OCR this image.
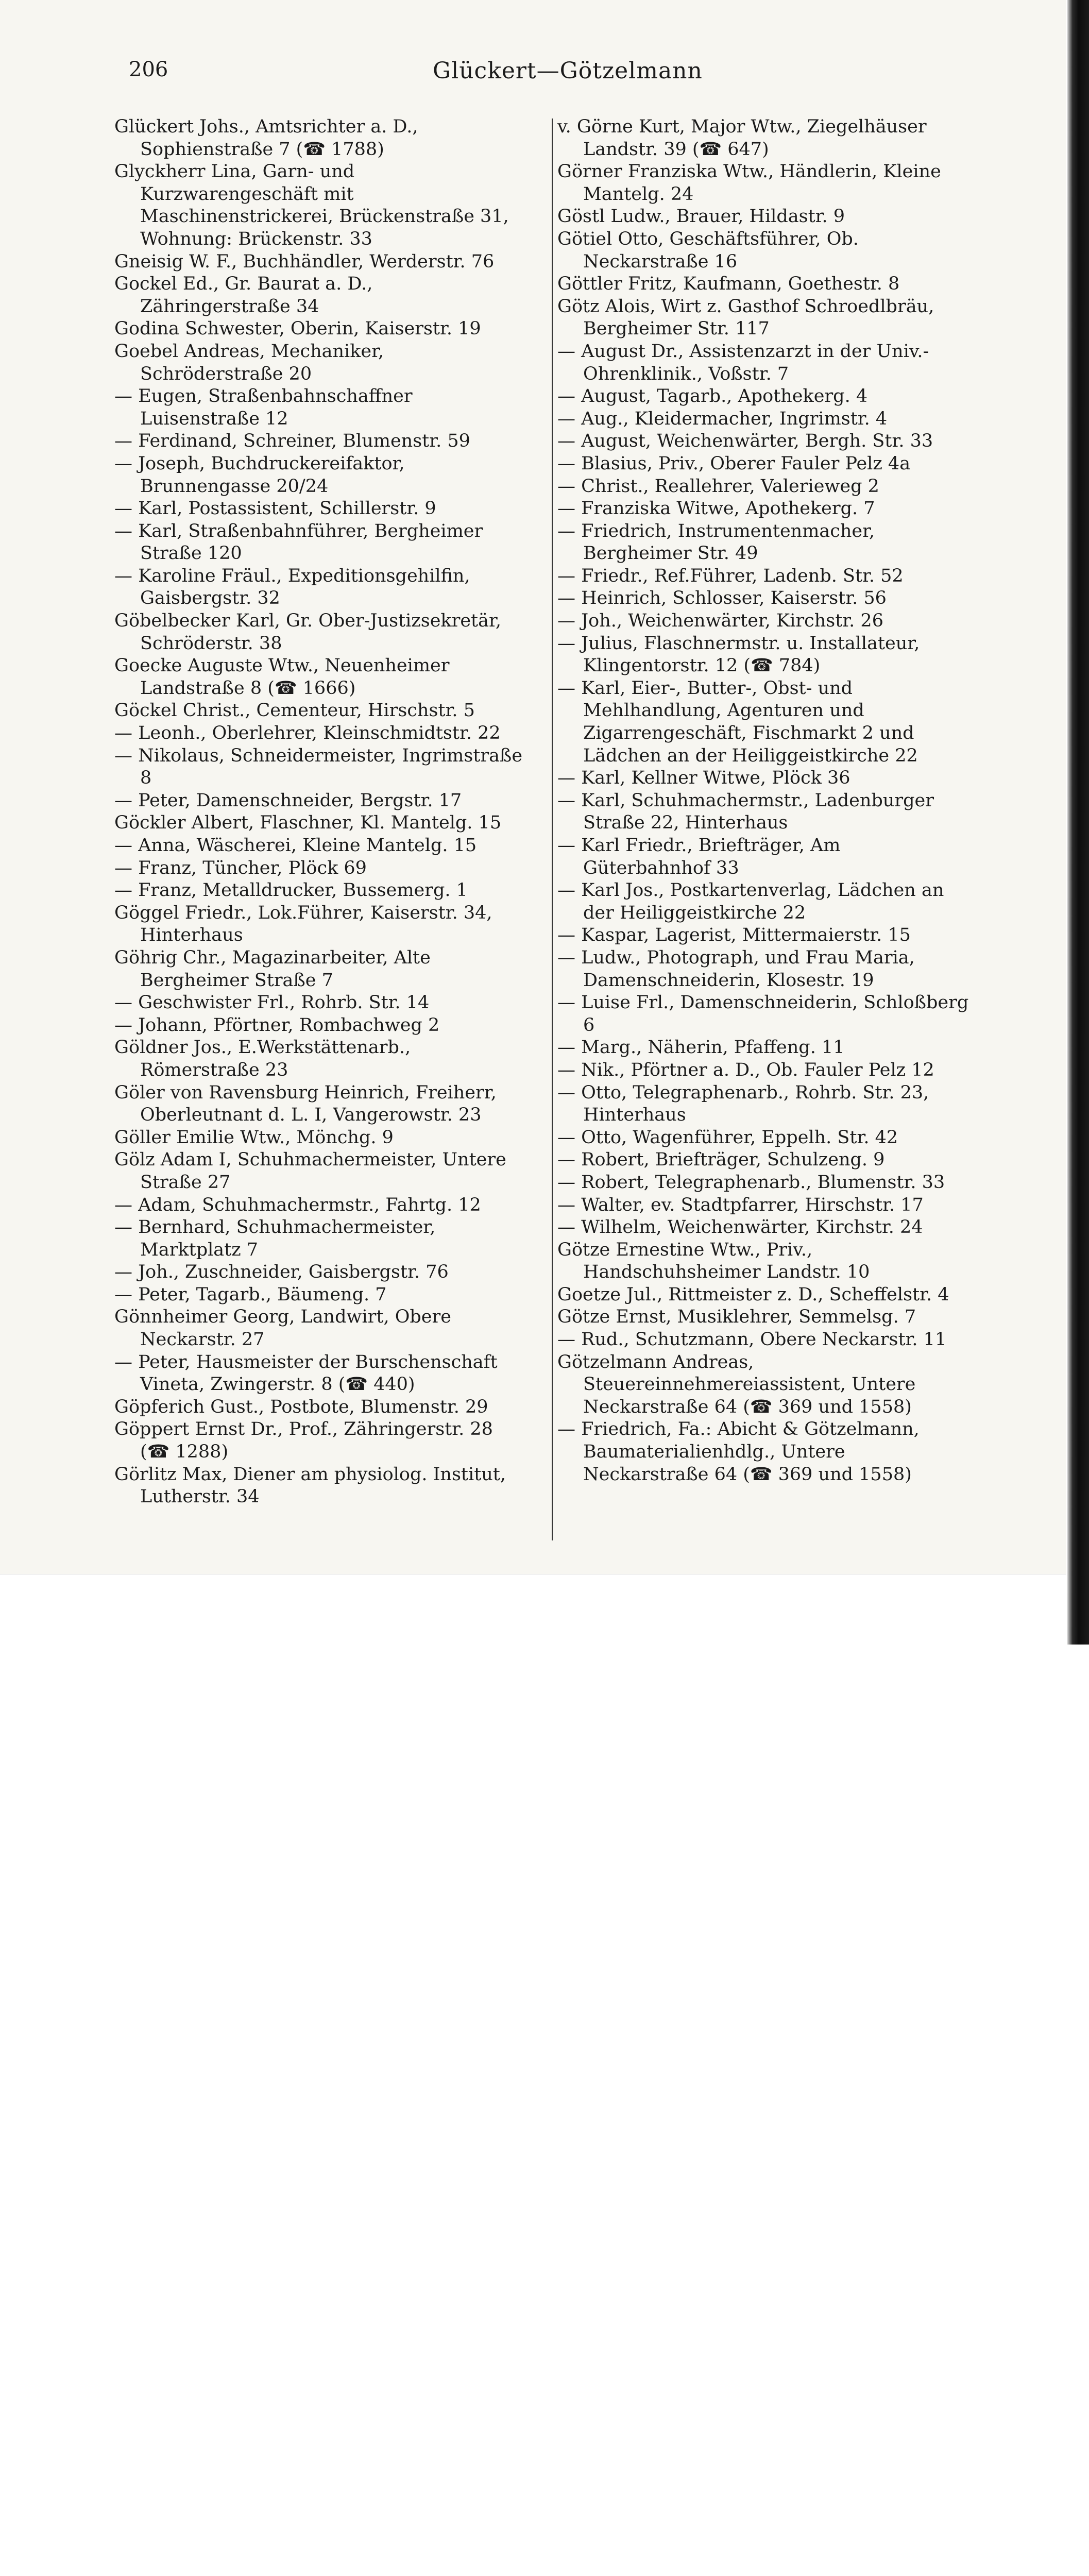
206	Glückert—Götzelmann

Glückert Johs., Amtsrichter a. D., Sophienstraße 7 (☎ 1788)

Glyckherr Lina, Garn- und Kurzwarengeschäft mit Maschinenstrickerei, Brückenstraße 31, Wohnung: Brückenstr. 33

Gneisig W. F., Buchhändler, Werderstr. 76

Gockel Ed., Gr. Baurat a. D., Zähringerstraße 34

Godina Schwester, Oberin, Kaiserstr. 19

Goebel Andreas, Mechaniker, Schröderstraße 20

— Eugen, Straßenbahnschaffner Luisenstraße 12

— Ferdinand, Schreiner, Blumenstr. 59

— Joseph, Buchdruckereifaktor, Brunnengasse 20/24

— Karl, Postassistent, Schillerstr. 9

— Karl, Straßenbahnführer, Bergheimer Straße 120

— Karoline Fräul., Expeditionsgehilfin, Gaisbergstr. 32

Göbelbecker Karl, Gr. Ober-Justizsekretär, Schröderstr. 38

Goecke Auguste Wtw., Neuenheimer Landstraße 8 (☎ 1666)

Göckel Christ., Cementeur, Hirschstr. 5

— Leonh., Oberlehrer, Kleinschmidtstr. 22

— Nikolaus, Schneidermeister, Ingrimstraße 8

— Peter, Damenschneider, Bergstr. 17

Göckler Albert, Flaschner, Kl. Mantelg. 15

— Anna, Wäscherei, Kleine Mantelg. 15

— Franz, Tüncher, Plöck 69

— Franz, Metalldrucker, Bussemerg. 1

Göggel Friedr., Lok.Führer, Kaiserstr. 34, Hinterhaus

Göhrig Chr., Magazinarbeiter, Alte Bergheimer Straße 7

— Geschwister Frl., Rohrb. Str. 14

— Johann, Pförtner, Rombachweg 2

Göldner Jos., E.Werkstättenarb., Römerstraße 23

Göler von Ravensburg Heinrich, Freiherr, Oberleutnant d. L. I, Vangerowstr. 23

Göller Emilie Wtw., Mönchg. 9

Gölz Adam I, Schuhmachermeister, Untere Straße 27

— Adam, Schuhmachermstr., Fahrtg. 12

— Bernhard, Schuhmachermeister, Marktplatz 7

— Joh., Zuschneider, Gaisbergstr. 76

— Peter, Tagarb., Bäumeng. 7

Gönnheimer Georg, Landwirt, Obere Neckarstr. 27

— Peter, Hausmeister der Burschenschaft Vineta, Zwingerstr. 8 (☎ 440)

Göpferich Gust., Postbote, Blumenstr. 29

Göppert Ernst Dr., Prof., Zähringerstr. 28 (☎ 1288)

Görlitz Max, Diener am physiolog. Institut, Lutherstr. 34

v. Görne Kurt, Major Wtw., Ziegelhäuser Landstr. 39 (☎ 647)

Görner Franziska Wtw., Händlerin, Kleine Mantelg. 24

Göstl Ludw., Brauer, Hildastr. 9

Götiel Otto, Geschäftsführer, Ob. Neckarstraße 16

Göttler Fritz, Kaufmann, Goethestr. 8

Götz Alois, Wirt z. Gasthof Schroedlbräu, Bergheimer Str. 117

— August Dr., Assistenzarzt in der Univ.-Ohrenklinik., Voßstr. 7

— August, Tagarb., Apothekerg. 4

— Aug., Kleidermacher, Ingrimstr. 4

— August, Weichenwärter, Bergh. Str. 33

— Blasius, Priv., Oberer Fauler Pelz 4a

— Christ., Reallehrer, Valerieweg 2

— Franziska Witwe, Apothekerg. 7

— Friedrich, Instrumentenmacher, Bergheimer Str. 49

— Friedr., Ref.Führer, Ladenb. Str. 52

— Heinrich, Schlosser, Kaiserstr. 56

— Joh., Weichenwärter, Kirchstr. 26

— Julius, Flaschnermstr. u. Installateur, Klingentorstr. 12 (☎ 784)

— Karl, Eier-, Butter-, Obst- und Mehlhandlung, Agenturen und Zigarrengeschäft, Fischmarkt 2 und Lädchen an der Heiliggeistkirche 22

— Karl, Kellner Witwe, Plöck 36

— Karl, Schuhmachermstr., Ladenburger Straße 22, Hinterhaus

— Karl Friedr., Briefträger, Am Güterbahnhof 33

— Karl Jos., Postkartenverlag, Lädchen an der Heiliggeistkirche 22

— Kaspar, Lagerist, Mittermaierstr. 15

— Ludw., Photograph, und Frau Maria, Damenschneiderin, Klosestr. 19

— Luise Frl., Damenschneiderin, Schloßberg 6

— Marg., Näherin, Pfaffeng. 11

— Nik., Pförtner a. D., Ob. Fauler Pelz 12

— Otto, Telegraphenarb., Rohrb. Str. 23, Hinterhaus

— Otto, Wagenführer, Eppelh. Str. 42

— Robert, Briefträger, Schulzeng. 9

— Robert, Telegraphenarb., Blumenstr. 33

— Walter, ev. Stadtpfarrer, Hirschstr. 17

— Wilhelm, Weichenwärter, Kirchstr. 24

Götze Ernestine Wtw., Priv., Handschuhsheimer Landstr. 10

Goetze Jul., Rittmeister z. D., Scheffelstr. 4

Götze Ernst, Musiklehrer, Semmelsg. 7

— Rud., Schutzmann, Obere Neckarstr. 11

Götzelmann Andreas, Steuereinnehmereiassistent, Untere Neckarstraße 64 (☎ 369 und 1558)

— Friedrich, Fa.: Abicht & Götzelmann, Baumaterialienhdlg., Untere Neckarstraße 64 (☎ 369 und 1558)
